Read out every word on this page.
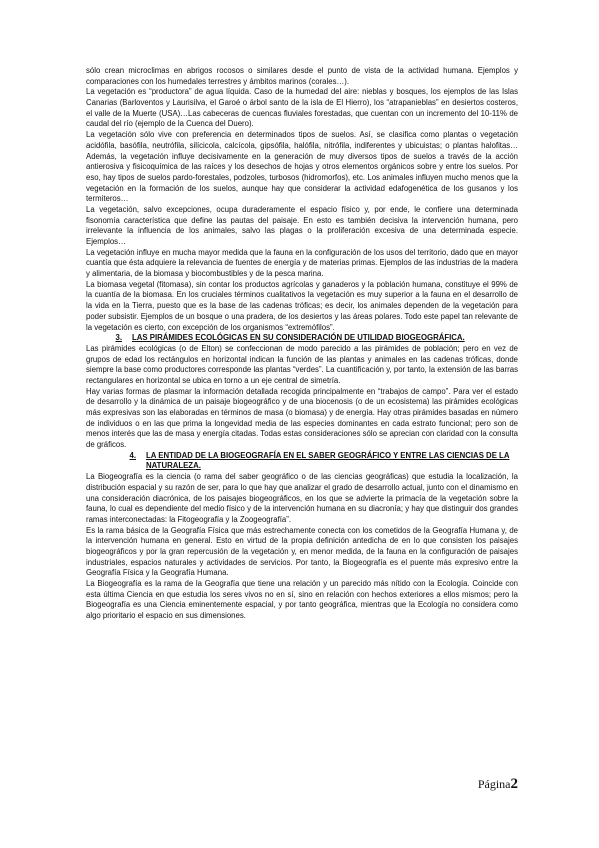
sólo crean microclimas en abrigos rocosos o similares desde el punto de vista de la actividad humana. Ejemplos y comparaciones con los humedales terrestres y ámbitos marinos (corales…).

La vegetación es “productora” de agua líquida. Caso de la humedad del aire: nieblas y bosques, los ejemplos de las Islas Canarias (Barloventos y Laurisilva, el Garoé o árbol santo de la isla de El Hierro), los “atrapanieblas” en desiertos costeros, el valle de la Muerte (USA)…Las cabeceras de cuencas fluviales forestadas, que cuentan con un incremento del 10-11% de caudal del río (ejemplo de la Cuenca del Duero).

La vegetación sólo vive con preferencia en determinados tipos de suelos. Así, se clasifica como plantas o vegetación acidófila, basófila, neutrófila, silícicola, calcícola, gipsófila, halófila, nitrófila, indiferentes y ubicuistas; o plantas halofitas…Además, la vegetación influye decisivamente en la generación de muy diversos tipos de suelos a través de la acción antierosiva y fisicoquímica de las raíces y los desechos de hojas y otros elementos orgánicos sobre y entre los suelos. Por eso, hay tipos de suelos pardo-forestales, podzoles, turbosos (hidromorfos), etc. Los animales influyen mucho menos que la vegetación en la formación de los suelos, aunque hay que considerar la actividad edafogenética de los gusanos y los termiteros…

La vegetación, salvo excepciones, ocupa duraderamente el espacio físico y, por ende, le confiere una determinada fisonomía característica que define las pautas del paisaje. En esto es también decisiva la intervención humana, pero irrelevante la influencia de los animales, salvo las plagas o la proliferación excesiva de una determinada especie. Ejemplos…

La vegetación influye en mucha mayor medida que la fauna en la configuración de los usos del territorio, dado que en mayor cuantía que ésta adquiere la relevancia de fuentes de energía y de materias primas. Ejemplos de las industrias de la madera y alimentaria, de la biomasa y biocombustibles y de la pesca marina.

La biomasa vegetal (fitomasa), sin contar los productos agrícolas y ganaderos y la población humana, constituye el 99% de la cuantía de la biomasa. En los cruciales términos cualitativos la vegetación es muy superior a la fauna en el desarrollo de la vida en la Tierra, puesto que es la base de las cadenas tróficas; es decir, los animales dependen de la vegetación para poder subsistir. Ejemplos de un bosque o una pradera, de los desiertos y las áreas polares. Todo este papel tan relevante de la vegetación es cierto, con excepción de los organismos “extremófilos”.

3.	LAS PIRÁMIDES ECOLÓGICAS EN SU CONSIDERACIÓN DE UTILIDAD BIOGEOGRÁFICA.

Las pirámides ecológicas (o de Elton) se confeccionan de modo parecido a las pirámides de población; pero en vez de grupos de edad los rectángulos en horizontal indican la función de las plantas y animales en las cadenas tróficas, donde siempre la base como productores corresponde las plantas “verdes”. La cuantificación y, por tanto, la extensión de las barras rectangulares en horizontal se ubica en torno a un eje central de simetría.

Hay varias formas de plasmar la información detallada recogida principalmente en “trabajos de campo”. Para ver el estado de desarrollo y la dinámica de un paisaje biogeográfico y de una biocenosis (o de un ecosistema) las pirámides ecológicas más expresivas son las elaboradas en términos de masa (o biomasa) y de energía. Hay otras pirámides basadas en número de individuos o en las que prima la longevidad media de las especies dominantes en cada estrato funcional; pero son de menos interés que las de masa y energía citadas. Todas estas consideraciones sólo se aprecian con claridad con la consulta de gráficos.

4.	LA ENTIDAD DE LA BIOGEOGRAFÍA EN EL SABER GEOGRÁFICO Y ENTRE LAS CIENCIAS DE LA NATURALEZA.

La Biogeografía es la ciencia (o rama del saber geográfico o de las ciencias geográficas) que estudia la localización, la distribución espacial y su razón de ser, para lo que hay que analizar el grado de desarrollo actual, junto con el dinamismo en una consideración diacrónica, de los paisajes biogeográficos, en los que se advierte la primacía de la vegetación sobre la fauna, lo cual es dependiente del medio físico y de la intervención humana en su diacronía; y hay que distinguir dos grandes ramas interconectadas: la Fitogeografía y la Zoogeografía”.

Es la rama básica de la Geografía Física que más estrechamente conecta con los cometidos de la Geografía Humana y, de la intervención humana en general. Esto en virtud de la propia definición antedicha de en lo que consisten los paisajes biogeográficos y por la gran repercusión de la vegetación y, en menor medida, de la fauna en la configuración de paisajes industriales, espacios naturales y actividades de servicios. Por tanto, la Biogeografía es el puente más expresivo entre la Geografía Física y la Geografía Humana.

La Biogeografía es la rama de la Geografía que tiene una relación y un parecido más nítido con la Ecología. Coincide con esta última Ciencia en que estudia los seres vivos no en sí, sino en relación con hechos exteriores a ellos mismos; pero la Biogeografía es una Ciencia eminentemente espacial, y por tanto geográfica, mientras que la Ecología no considera como algo prioritario el espacio en sus dimensiones.

Página2
